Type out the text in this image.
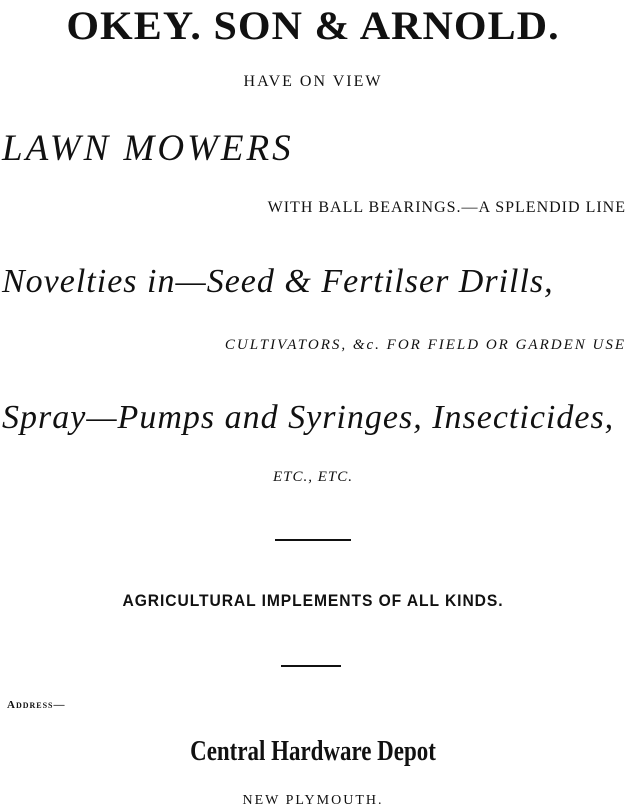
OKEY. SON & ARNOLD.
HAVE ON VIEW
LAWN MOWERS
WITH BALL BEARINGS.—A SPLENDID LINE
Novelties in—Seed & Fertilser Drills,
CULTIVATORS, &c. FOR FIELD OR GARDEN USE
Spray—Pumps and Syringes, Insecticides,
ETC., ETC.
AGRICULTURAL IMPLEMENTS OF ALL KINDS.
Address—
Central Hardware Depot
NEW PLYMOUTH.
